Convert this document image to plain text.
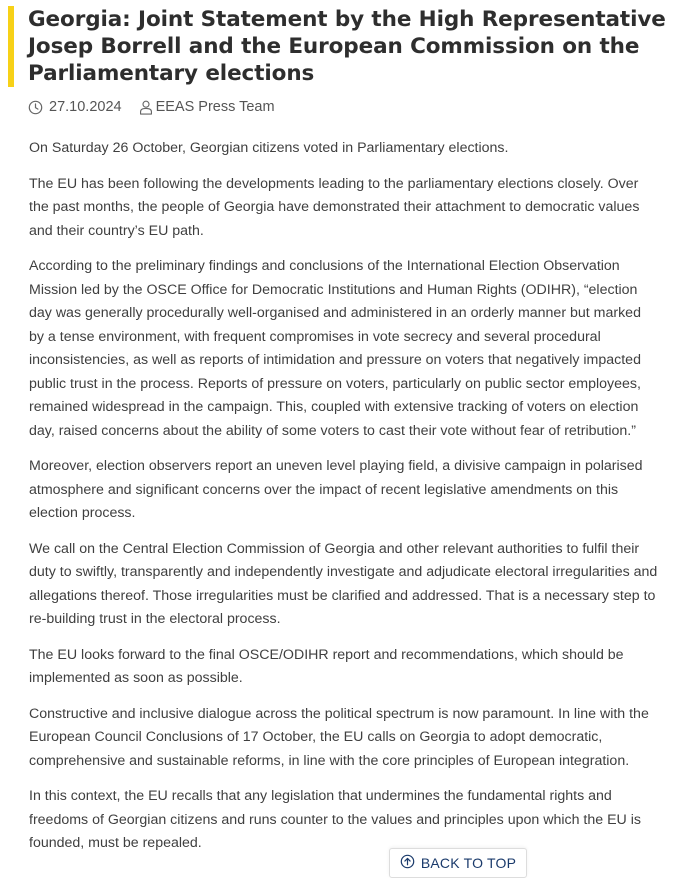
Georgia: Joint Statement by the High Representative Josep Borrell and the European Commission on the Parliamentary elections
27.10.2024 EEAS Press Team

On Saturday 26 October, Georgian citizens voted in Parliamentary elections.

The EU has been following the developments leading to the parliamentary elections closely. Over the past months, the people of Georgia have demonstrated their attachment to democratic values and their country’s EU path.

According to the preliminary findings and conclusions of the International Election Observation Mission led by the OSCE Office for Democratic Institutions and Human Rights (ODIHR), “election day was generally procedurally well-organised and administered in an orderly manner but marked by a tense environment, with frequent compromises in vote secrecy and several procedural inconsistencies, as well as reports of intimidation and pressure on voters that negatively impacted public trust in the process. Reports of pressure on voters, particularly on public sector employees, remained widespread in the campaign. This, coupled with extensive tracking of voters on election day, raised concerns about the ability of some voters to cast their vote without fear of retribution.”

Moreover, election observers report an uneven level playing field, a divisive campaign in polarised atmosphere and significant concerns over the impact of recent legislative amendments on this election process.

We call on the Central Election Commission of Georgia and other relevant authorities to fulfil their duty to swiftly, transparently and independently investigate and adjudicate electoral irregularities and allegations thereof. Those irregularities must be clarified and addressed. That is a necessary step to re-building trust in the electoral process.

The EU looks forward to the final OSCE/ODIHR report and recommendations, which should be implemented as soon as possible.

Constructive and inclusive dialogue across the political spectrum is now paramount. In line with the European Council Conclusions of 17 October, the EU calls on Georgia to adopt democratic, comprehensive and sustainable reforms, in line with the core principles of European integration.

In this context, the EU recalls that any legislation that undermines the fundamental rights and freedoms of Georgian citizens and runs counter to the values and principles upon which the EU is founded, must be repealed.

BACK TO TOP
